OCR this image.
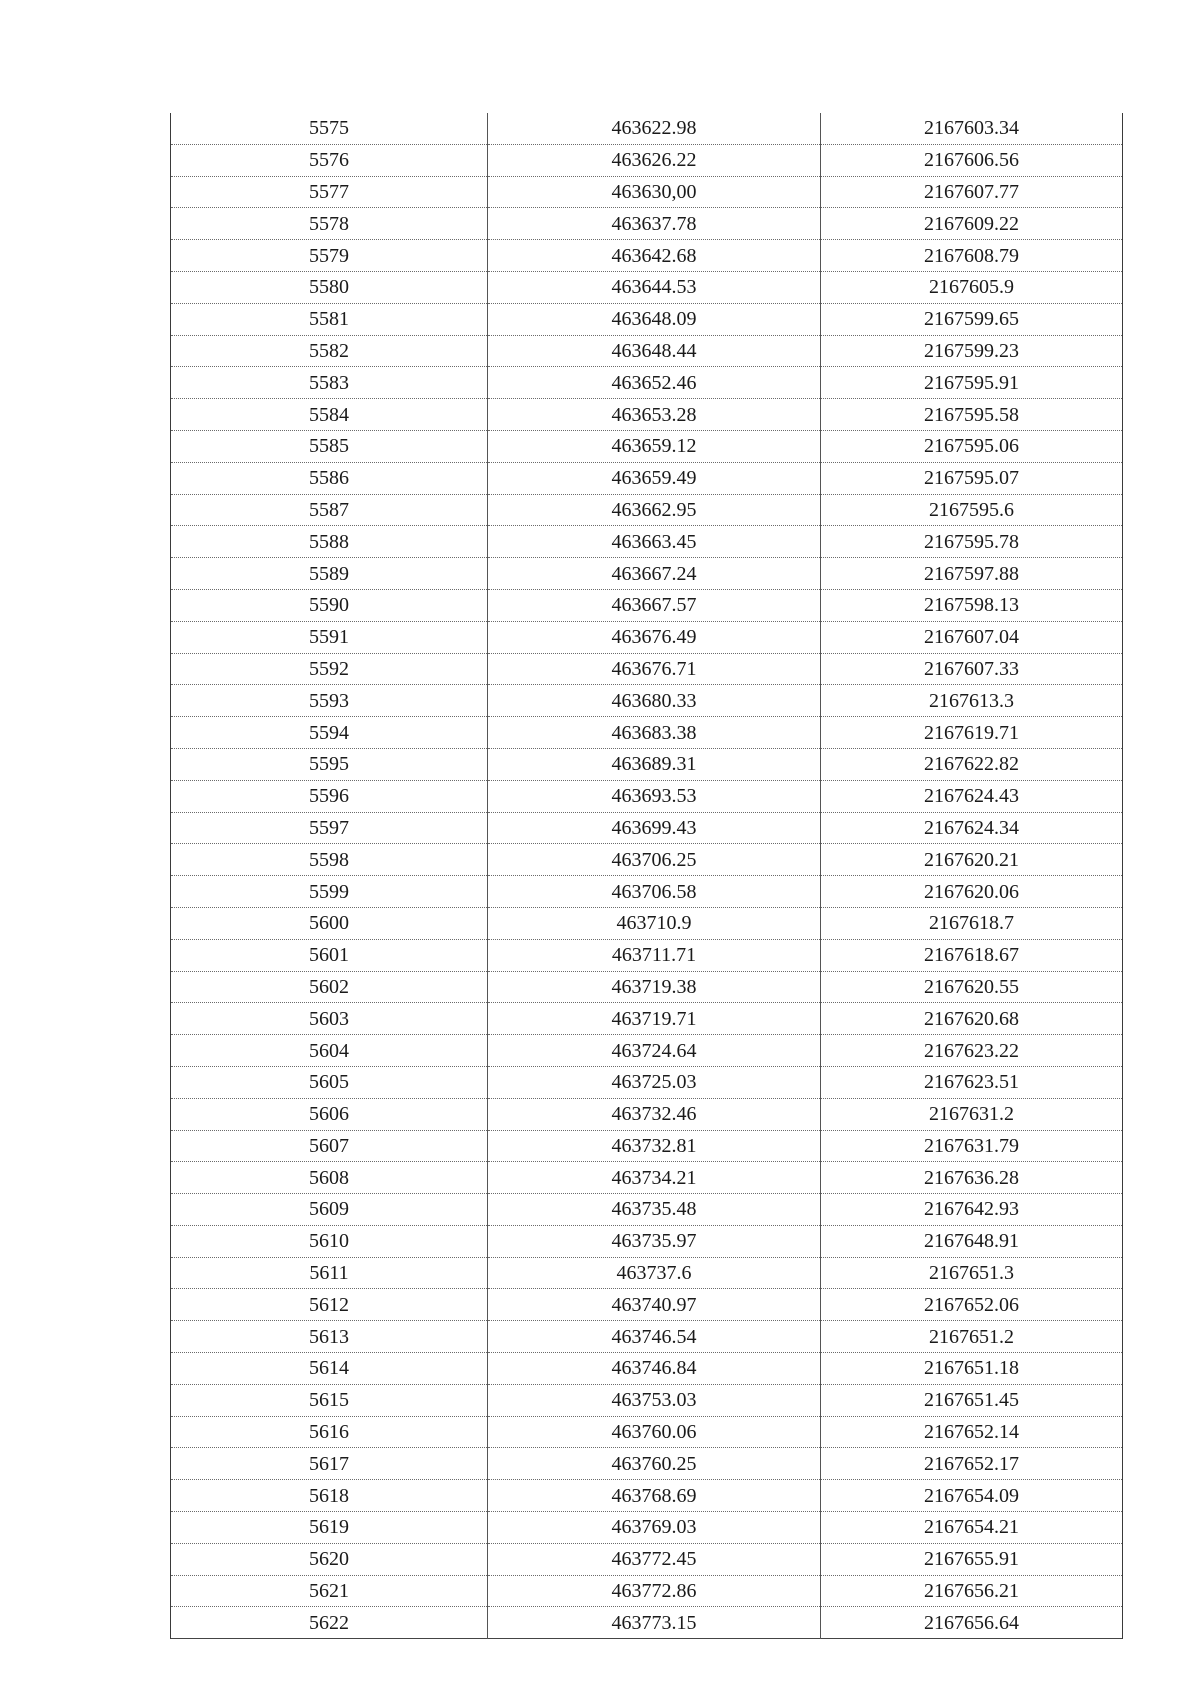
5575	463622.98	2167603.34
5576	463626.22	2167606.56
5577	463630,00	2167607.77
5578	463637.78	2167609.22
5579	463642.68	2167608.79
5580	463644.53	2167605.9
5581	463648.09	2167599.65
5582	463648.44	2167599.23
5583	463652.46	2167595.91
5584	463653.28	2167595.58
5585	463659.12	2167595.06
5586	463659.49	2167595.07
5587	463662.95	2167595.6
5588	463663.45	2167595.78
5589	463667.24	2167597.88
5590	463667.57	2167598.13
5591	463676.49	2167607.04
5592	463676.71	2167607.33
5593	463680.33	2167613.3
5594	463683.38	2167619.71
5595	463689.31	2167622.82
5596	463693.53	2167624.43
5597	463699.43	2167624.34
5598	463706.25	2167620.21
5599	463706.58	2167620.06
5600	463710.9	2167618.7
5601	463711.71	2167618.67
5602	463719.38	2167620.55
5603	463719.71	2167620.68
5604	463724.64	2167623.22
5605	463725.03	2167623.51
5606	463732.46	2167631.2
5607	463732.81	2167631.79
5608	463734.21	2167636.28
5609	463735.48	2167642.93
5610	463735.97	2167648.91
5611	463737.6	2167651.3
5612	463740.97	2167652.06
5613	463746.54	2167651.2
5614	463746.84	2167651.18
5615	463753.03	2167651.45
5616	463760.06	2167652.14
5617	463760.25	2167652.17
5618	463768.69	2167654.09
5619	463769.03	2167654.21
5620	463772.45	2167655.91
5621	463772.86	2167656.21
5622	463773.15	2167656.64
